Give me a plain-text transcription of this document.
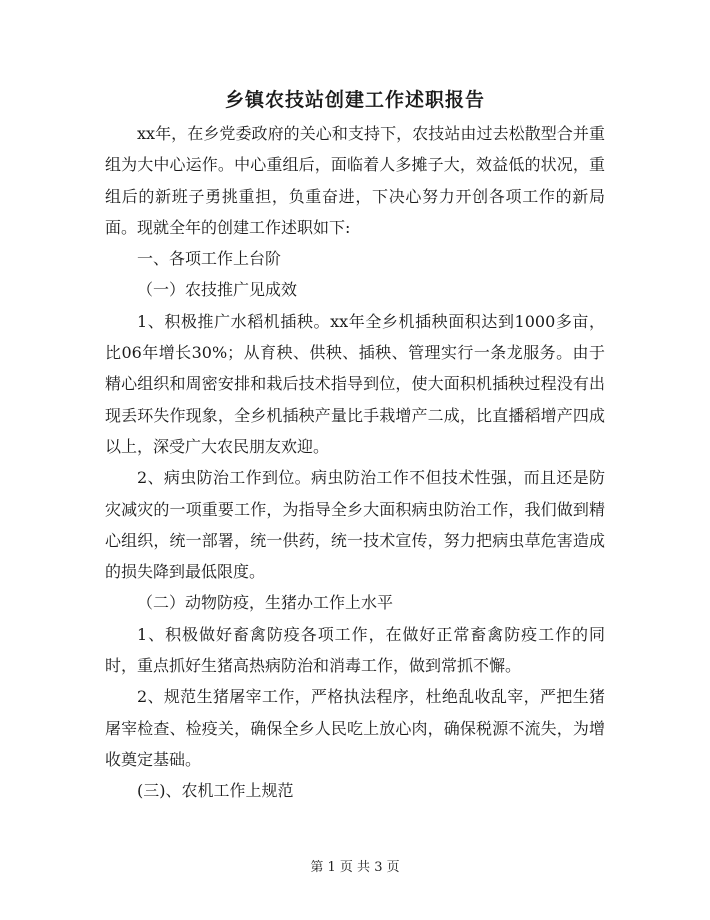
乡镇农技站创建工作述职报告

xx年，在乡党委政府的关心和支持下，农技站由过去松散型合并重组为大中心运作。中心重组后，面临着人多摊子大，效益低的状况，重组后的新班子勇挑重担，负重奋进，下决心努力开创各项工作的新局面。现就全年的创建工作述职如下:

一、各项工作上台阶

（一）农技推广见成效

1、积极推广水稻机插秧。xx年全乡机插秧面积达到1000多亩，比06年增长30%；从育秧、供秧、插秧、管理实行一条龙服务。由于精心组织和周密安排和栽后技术指导到位，使大面积机插秧过程没有出现丢环失作现象，全乡机插秧产量比手栽增产二成，比直播稻增产四成以上，深受广大农民朋友欢迎。

2、病虫防治工作到位。病虫防治工作不但技术性强，而且还是防灾减灾的一项重要工作，为指导全乡大面积病虫防治工作，我们做到精心组织，统一部署，统一供药，统一技术宣传，努力把病虫草危害造成的损失降到最低限度。

（二）动物防疫，生猪办工作上水平

1、积极做好畜禽防疫各项工作，在做好正常畜禽防疫工作的同时，重点抓好生猪高热病防治和消毒工作，做到常抓不懈。

2、规范生猪屠宰工作，严格执法程序，杜绝乱收乱宰，严把生猪屠宰检查、检疫关，确保全乡人民吃上放心肉，确保税源不流失，为增收奠定基础。

(三)、农机工作上规范

第 1 页 共 3 页
